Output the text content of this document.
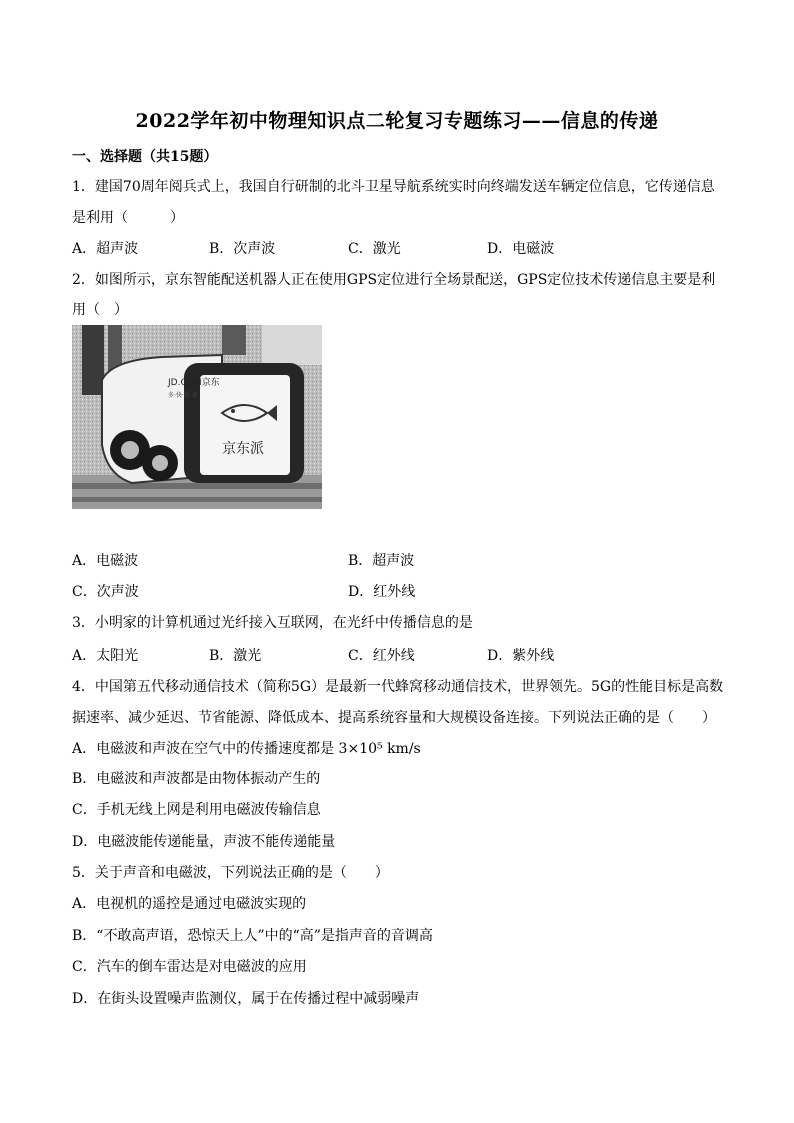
2022学年初中物理知识点二轮复习专题练习——信息的传递
一、选择题（共15题）
1．建国70周年阅兵式上，我国自行研制的北斗卫星导航系统实时向终端发送车辆定位信息，它传递信息
是利用（　　　）
A．超声波	B．次声波	C．激光	D．电磁波
2．如图所示，京东智能配送机器人正在使用GPS定位进行全场景配送，GPS定位技术传递信息主要是利
用（　）
JD.COM京东
多·快·好·省
京东派
A．电磁波	B．超声波
C．次声波	D．红外线
3．小明家的计算机通过光纤接入互联网，在光纤中传播信息的是
A．太阳光	B．激光	C．红外线	D．紫外线
4．中国第五代移动通信技术（简称5G）是最新一代蜂窝移动通信技术，世界领先。5G的性能目标是高数
据速率、减少延迟、节省能源、降低成本、提高系统容量和大规模设备连接。下列说法正确的是（　　）
A．电磁波和声波在空气中的传播速度都是 3×10⁵ km/s
B．电磁波和声波都是由物体振动产生的
C．手机无线上网是利用电磁波传输信息
D．电磁波能传递能量，声波不能传递能量
5．关于声音和电磁波，下列说法正确的是（　　）
A．电视机的遥控是通过电磁波实现的
B．“不敢高声语，恐惊天上人”中的“高”是指声音的音调高
C．汽车的倒车雷达是对电磁波的应用
D．在街头设置噪声监测仪，属于在传播过程中减弱噪声
